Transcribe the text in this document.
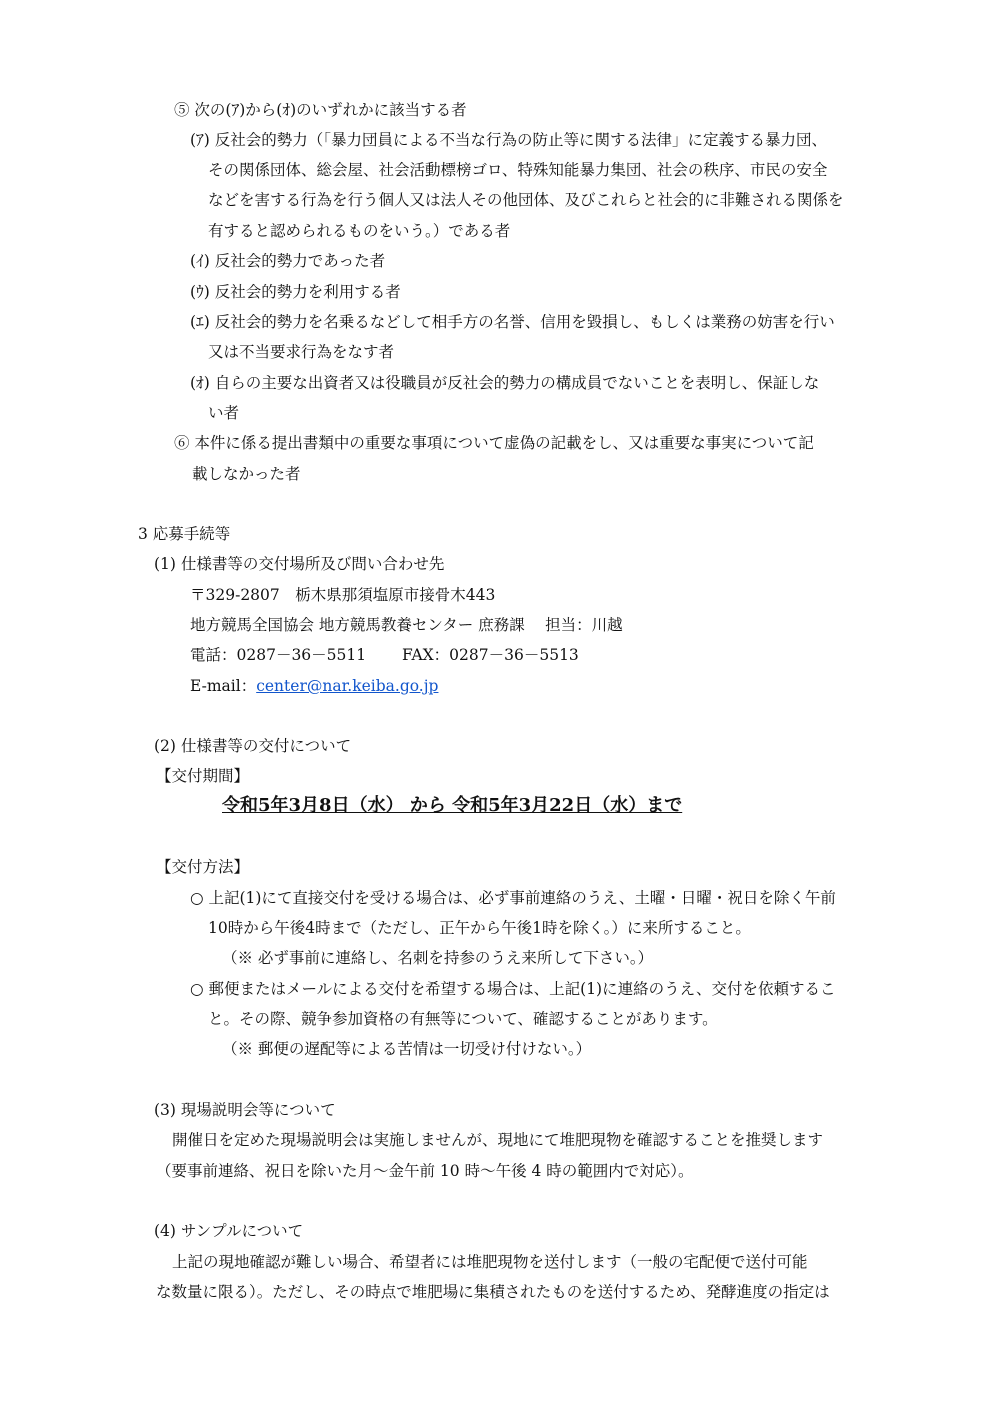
⑤ 次の(ｱ)から(ｵ)のいずれかに該当する者
(ｱ) 反社会的勢力（「暴力団員による不当な行為の防止等に関する法律」に定義する暴力団、
その関係団体、総会屋、社会活動標榜ゴロ、特殊知能暴力集団、社会の秩序、市民の安全
などを害する行為を行う個人又は法人その他団体、及びこれらと社会的に非難される関係を
有すると認められるものをいう。）である者
(ｲ) 反社会的勢力であった者
(ｳ) 反社会的勢力を利用する者
(ｴ) 反社会的勢力を名乗るなどして相手方の名誉、信用を毀損し、もしくは業務の妨害を行い
又は不当要求行為をなす者
(ｵ) 自らの主要な出資者又は役職員が反社会的勢力の構成員でないことを表明し、保証しな
い者
⑥ 本件に係る提出書類中の重要な事項について虚偽の記載をし、又は重要な事実について記
載しなかった者
3 応募手続等
(1) 仕様書等の交付場所及び問い合わせ先
〒329-2807　栃木県那須塩原市接骨木443
地方競馬全国協会 地方競馬教養センター 庶務課　 担当：川越
電話：0287－36－5511　　 FAX：0287－36－5513
E-mail：center@nar.keiba.go.jp
(2) 仕様書等の交付について
【交付期間】
令和5年3月8日（水） から 令和5年3月22日（水）まで
【交付方法】
○ 上記(1)にて直接交付を受ける場合は、必ず事前連絡のうえ、土曜・日曜・祝日を除く午前
10時から午後4時まで（ただし、正午から午後1時を除く。）に来所すること。
（※ 必ず事前に連絡し、名刺を持参のうえ来所して下さい。）
○ 郵便またはメールによる交付を希望する場合は、上記(1)に連絡のうえ、交付を依頼するこ
と。その際、競争参加資格の有無等について、確認することがあります。
（※ 郵便の遅配等による苦情は一切受け付けない。）
(3) 現場説明会等について
開催日を定めた現場説明会は実施しませんが、現地にて堆肥現物を確認することを推奨します
（要事前連絡、祝日を除いた月～金午前 10 時～午後 4 時の範囲内で対応）。
(4) サンプルについて
上記の現地確認が難しい場合、希望者には堆肥現物を送付します（一般の宅配便で送付可能
な数量に限る）。ただし、その時点で堆肥場に集積されたものを送付するため、発酵進度の指定は
